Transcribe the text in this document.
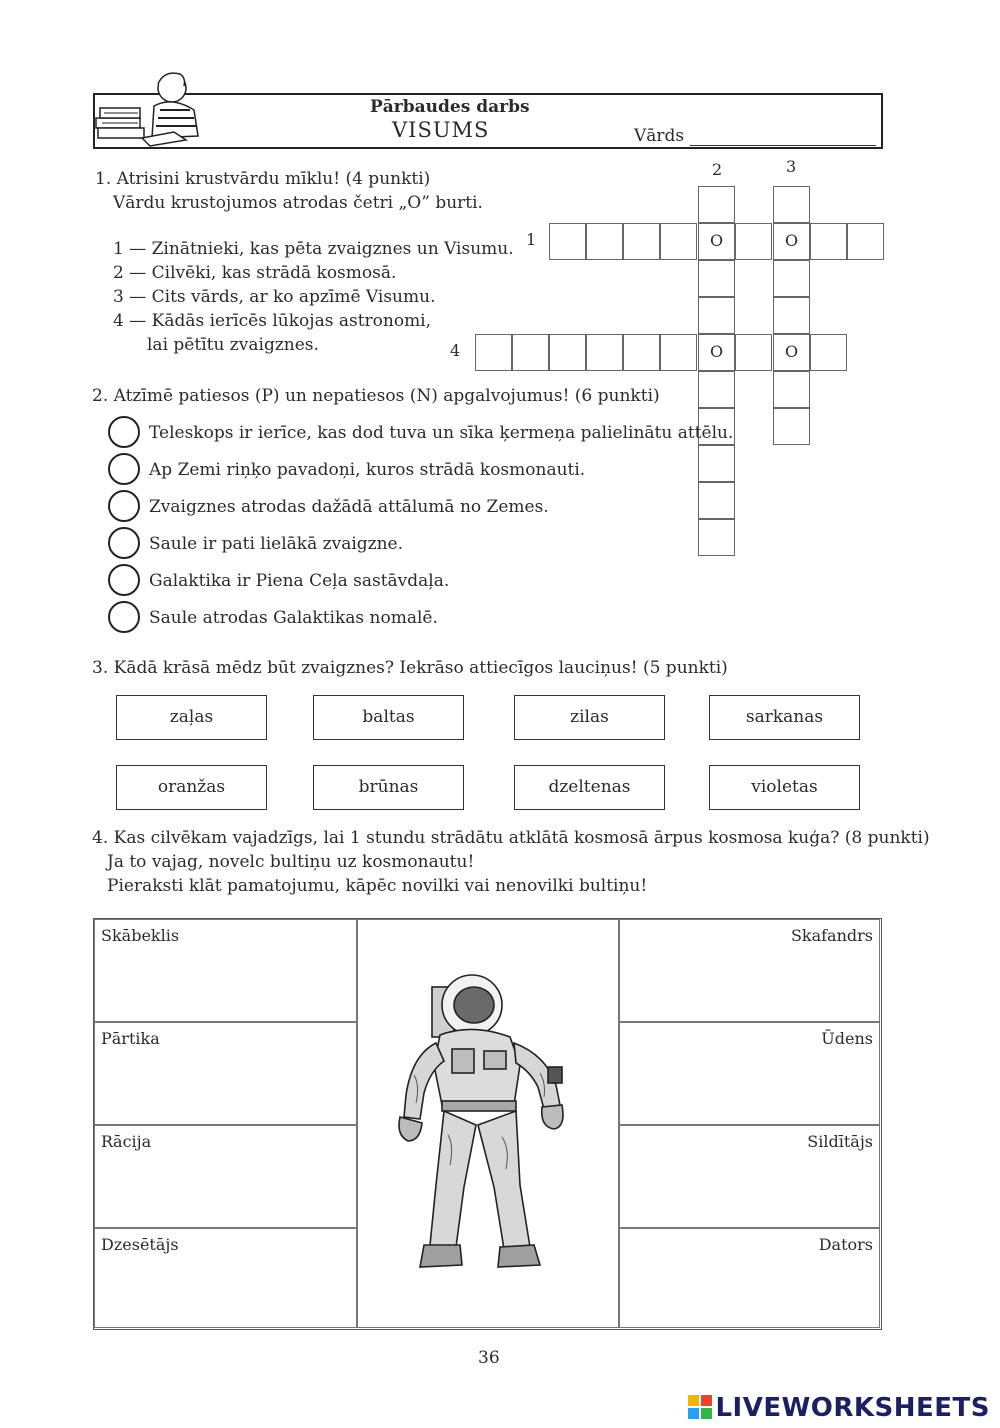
Pārbaudes darbs
VISUMS	Vārds
1. Atrisini krustvārdu mīklu! (4 punkti)
Vārdu krustojumos atrodas četri „O” burti.
1 — Zinātnieki, kas pēta zvaigznes un Visumu.
2 — Cilvēki, kas strādā kosmosā.
3 — Cits vārds, ar ko apzīmē Visumu.
4 — Kādās ierīcēs lūkojas astronomi,
lai pētītu zvaigznes.
2	3
1
4
O	O
O	O
2. Atzīmē patiesos (P) un nepatiesos (N) apgalvojumus! (6 punkti)
Teleskops ir ierīce, kas dod tuva un sīka ķermeņa palielinātu attēlu.
Ap Zemi riņķo pavadoņi, kuros strādā kosmonauti.
Zvaigznes atrodas dažādā attālumā no Zemes.
Saule ir pati lielākā zvaigzne.
Galaktika ir Piena Ceļa sastāvdaļa.
Saule atrodas Galaktikas nomalē.
3. Kādā krāsā mēdz būt zvaigznes? Iekrāso attiecīgos lauciņus! (5 punkti)
zaļas	baltas	zilas	sarkanas
oranžas	brūnas	dzeltenas	violetas
4. Kas cilvēkam vajadzīgs, lai 1 stundu strādātu atklātā kosmosā ārpus kosmosa kuģa? (8 punkti)
Ja to vajag, novelc bultiņu uz kosmonautu!
Pieraksti klāt pamatojumu, kāpēc novilki vai nenovilki bultiņu!
Skābeklis
Pārtika
Rācija
Dzesētājs
Skafandrs
Ūdens
Sildītājs
Dators
36
LIVEWORKSHEETS
